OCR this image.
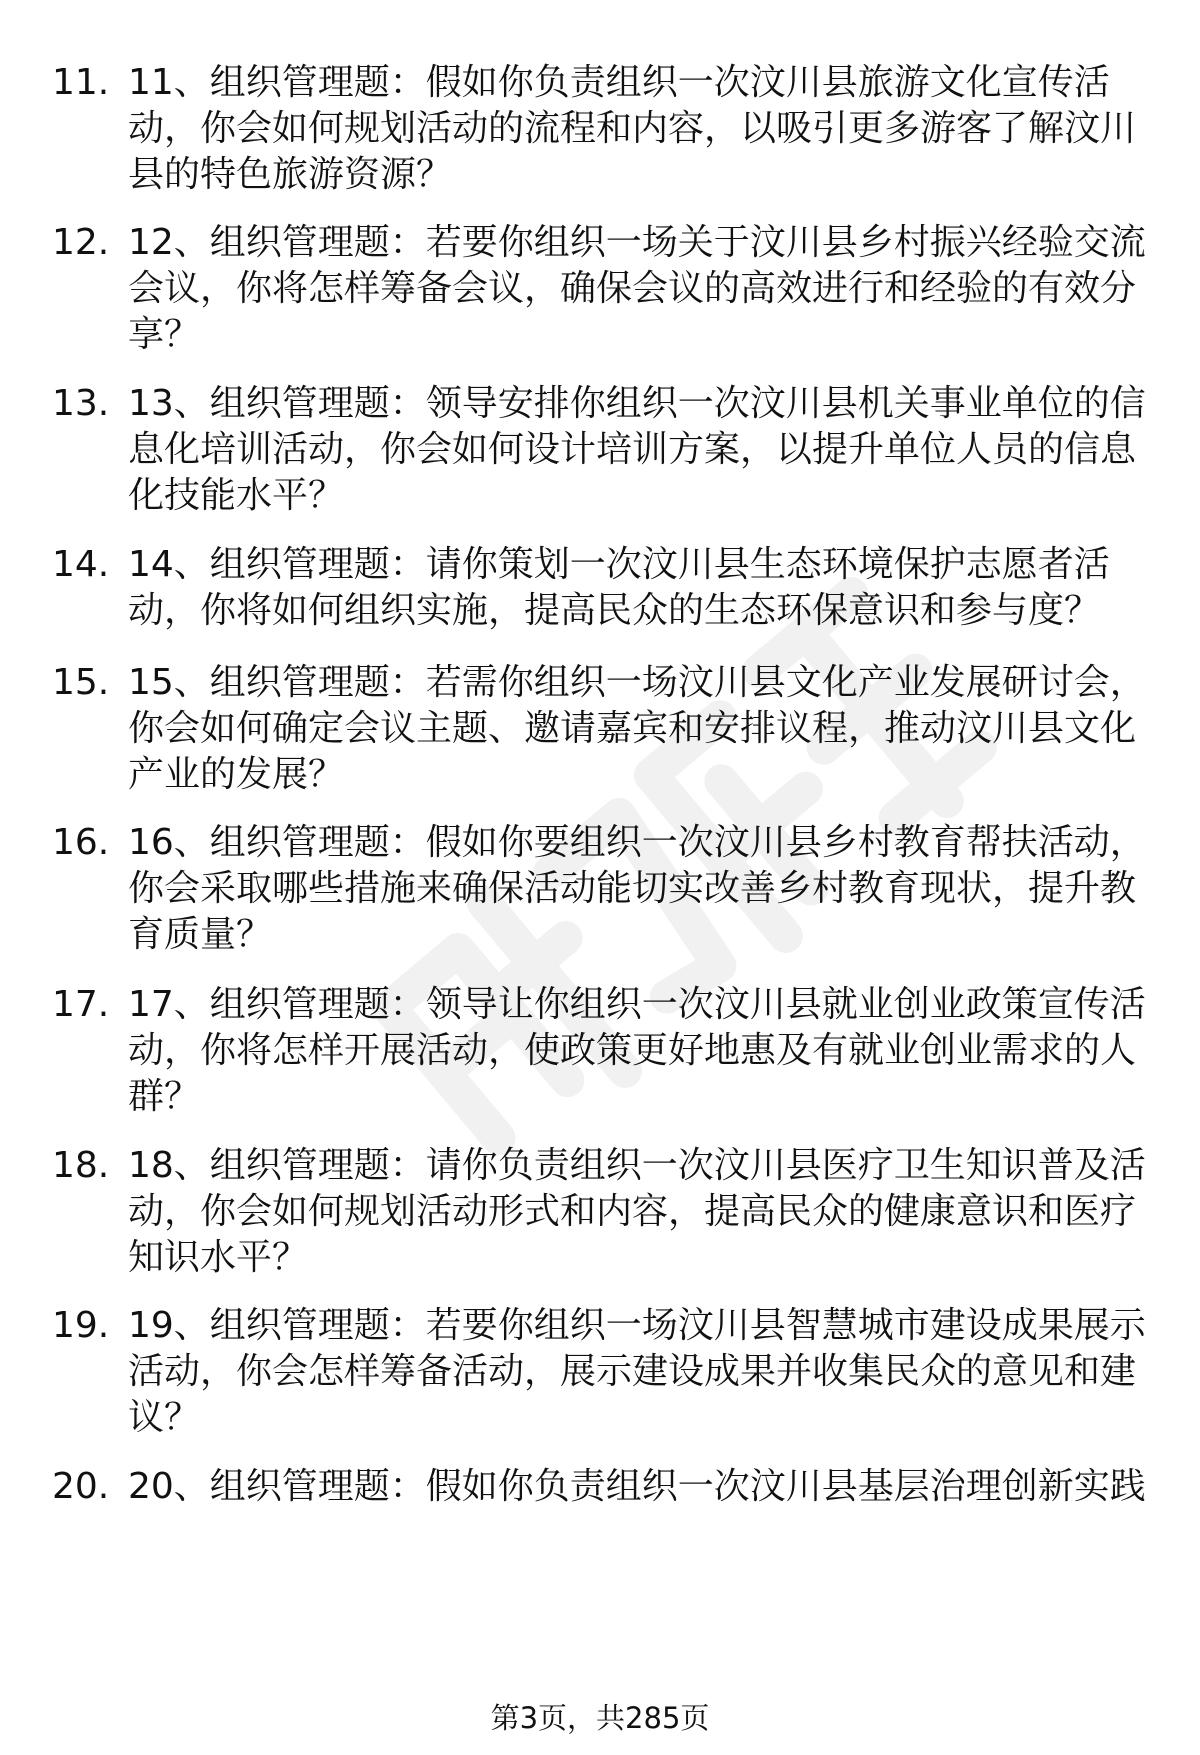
11. 11、组织管理题：假如你负责组织一次汶川县旅游文化宣传活动，你会如何规划活动的流程和内容，以吸引更多游客了解汶川县的特色旅游资源？
12. 12、组织管理题：若要你组织一场关于汶川县乡村振兴经验交流会议，你将怎样筹备会议，确保会议的高效进行和经验的有效分享？
13. 13、组织管理题：领导安排你组织一次汶川县机关事业单位的信息化培训活动，你会如何设计培训方案，以提升单位人员的信息化技能水平？
14. 14、组织管理题：请你策划一次汶川县生态环境保护志愿者活动，你将如何组织实施，提高民众的生态环保意识和参与度？
15. 15、组织管理题：若需你组织一场汶川县文化产业发展研讨会，你会如何确定会议主题、邀请嘉宾和安排议程，推动汶川县文化产业的发展？
16. 16、组织管理题：假如你要组织一次汶川县乡村教育帮扶活动，你会采取哪些措施来确保活动能切实改善乡村教育现状，提升教育质量？
17. 17、组织管理题：领导让你组织一次汶川县就业创业政策宣传活动，你将怎样开展活动，使政策更好地惠及有就业创业需求的人群？
18. 18、组织管理题：请你负责组织一次汶川县医疗卫生知识普及活动，你会如何规划活动形式和内容，提高民众的健康意识和医疗知识水平？
19. 19、组织管理题：若要你组织一场汶川县智慧城市建设成果展示活动，你会怎样筹备活动，展示建设成果并收集民众的意见和建议？
20. 20、组织管理题：假如你负责组织一次汶川县基层治理创新实践
第3页，共285页
